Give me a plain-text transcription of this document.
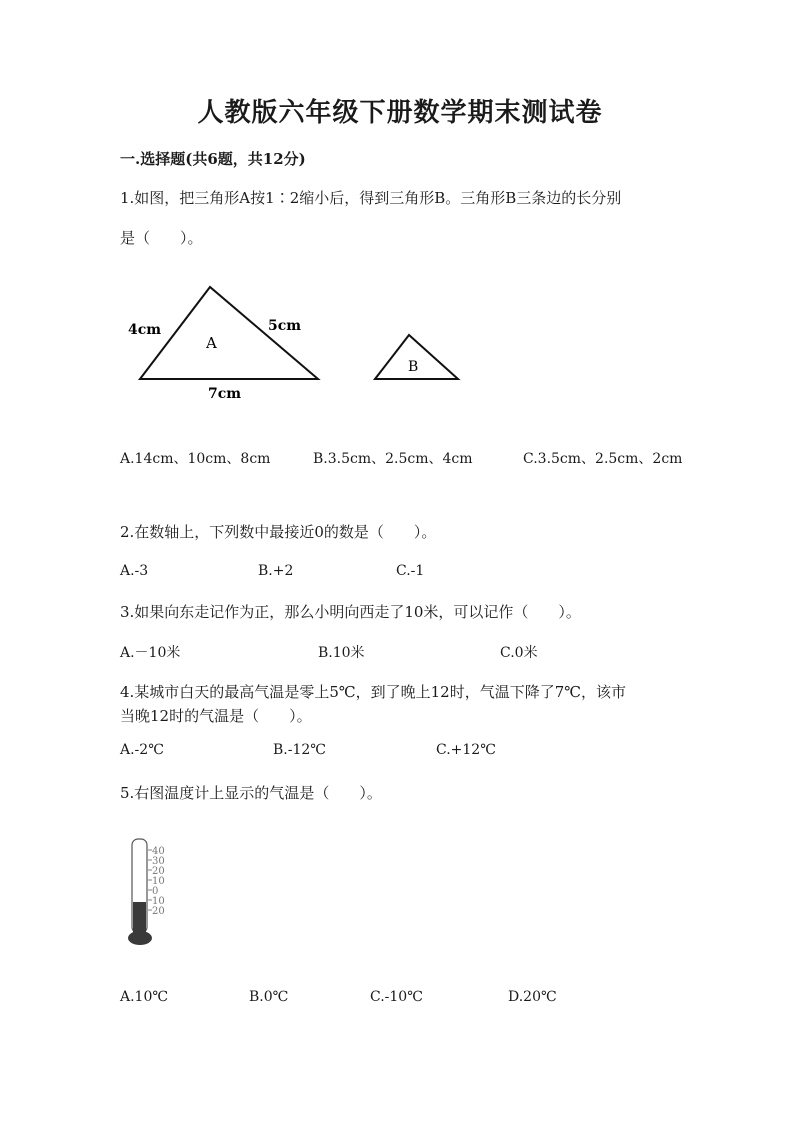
人教版六年级下册数学期末测试卷
一.选择题(共6题，共12分)
1.如图，把三角形A按1∶2缩小后，得到三角形B。三角形B三条边的长分别
是（　　）。
A
4cm	5cm
7cm
B
A.14cm、10cm、8cm	B.3.5cm、2.5cm、4cm	C.3.5cm、2.5cm、2cm
2.在数轴上，下列数中最接近0的数是（　　）。
A.-3	B.+2	C.-1
3.如果向东走记作为正，那么小明向西走了10米，可以记作（　　）。
A.－10米	B.10米	C.0米
4.某城市白天的最高气温是零上5℃，到了晚上12时，气温下降了7℃，该市
当晚12时的气温是（　　）。
A.-2℃	B.-12℃	C.+12℃
5.右图温度计上显示的气温是（　　）。
40
30
20
10
0
10
20
A.10℃	B.0℃	C.-10℃	D.20℃
